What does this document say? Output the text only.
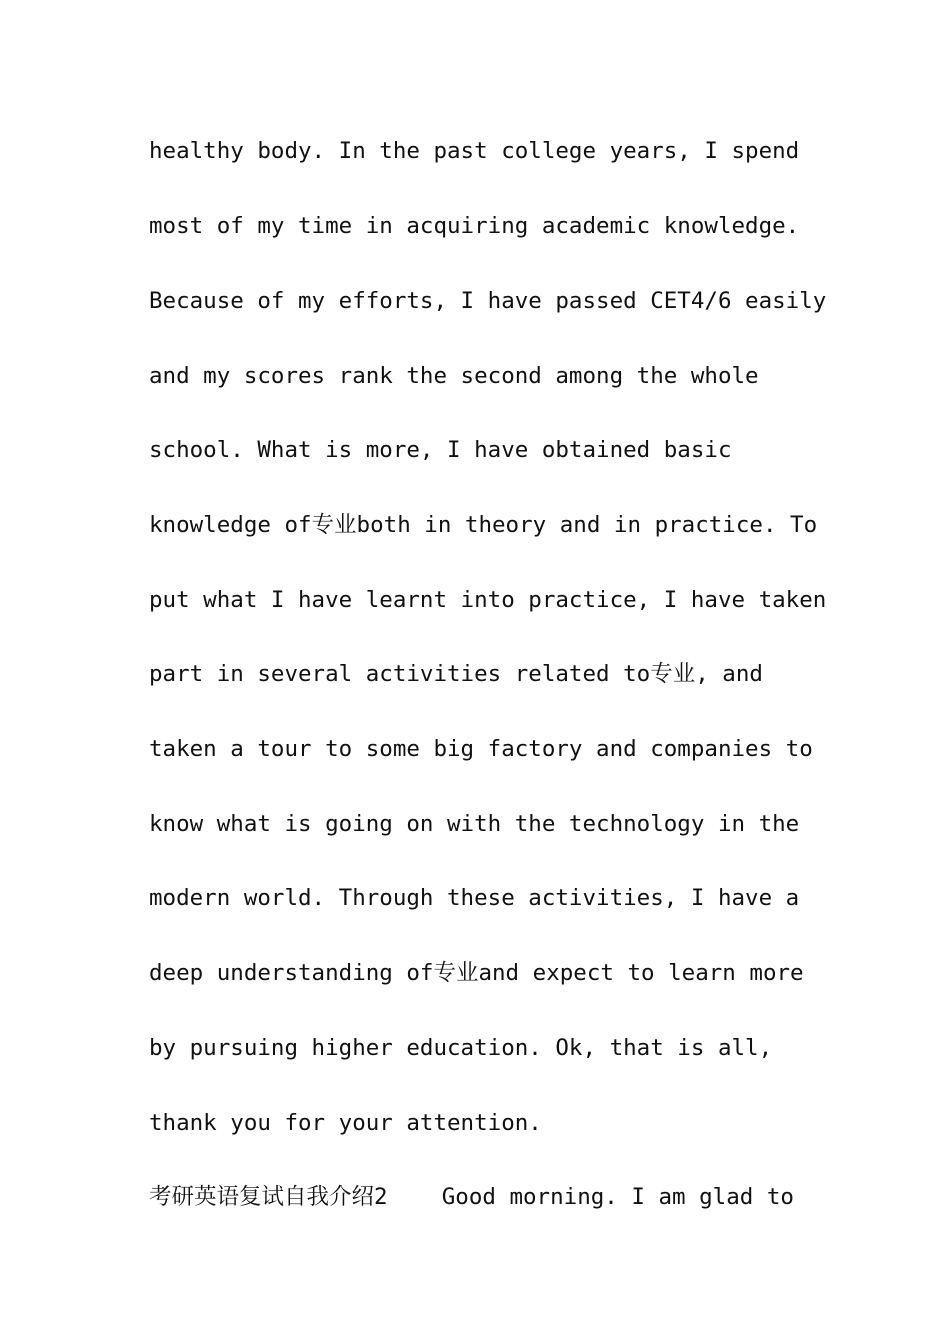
healthy body. In the past college years, I spend

most of my time in acquiring academic knowledge.

Because of my efforts, I have passed CET4/6 easily

and my scores rank the second among the whole

school. What is more, I have obtained basic

knowledge of专业both in theory and in practice. To

put what I have learnt into practice, I have taken

part in several activities related to专业, and

taken a tour to some big factory and companies to

know what is going on with the technology in the

modern world. Through these activities, I have a

deep understanding of专业and expect to learn more

by pursuing higher education. Ok, that is all,

thank you for your attention.

考研英语复试自我介绍2    Good morning. I am glad to
